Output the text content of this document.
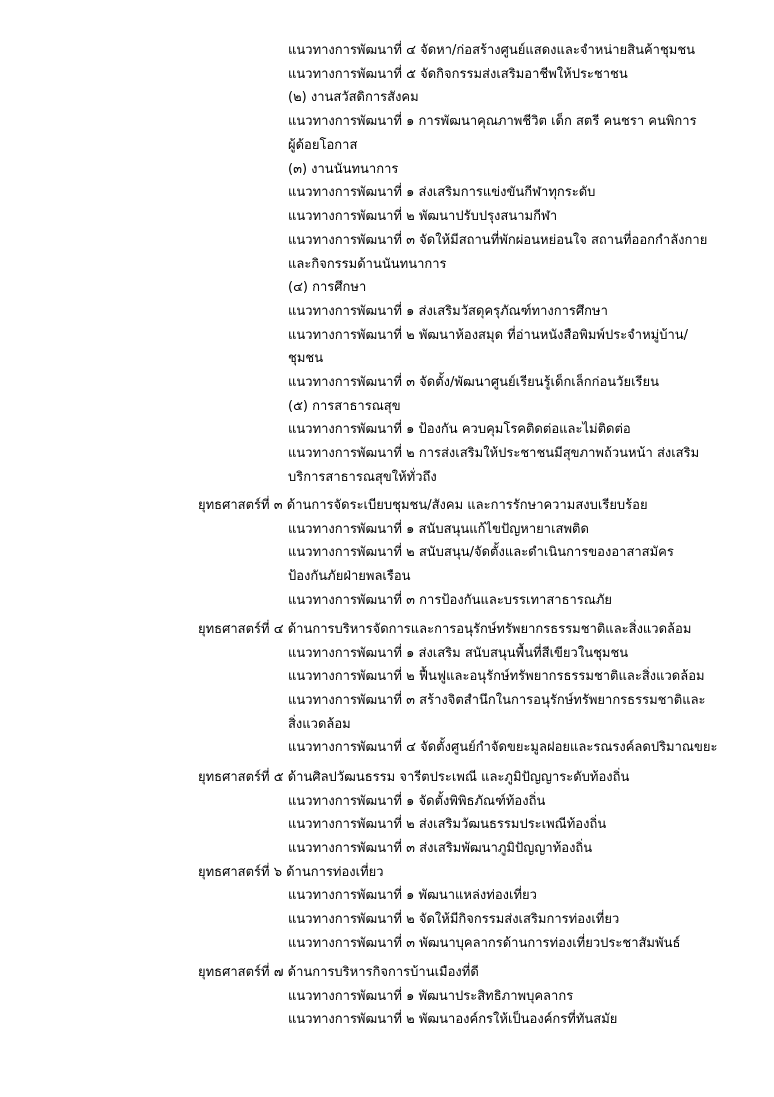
แนวทางการพัฒนาที่ ๔ จัดหา/ก่อสร้างศูนย์แสดงและจำหน่ายสินค้าชุมชน
แนวทางการพัฒนาที่ ๕ จัดกิจกรรมส่งเสริมอาชีพให้ประชาชน
(๒) งานสวัสดิการสังคม
แนวทางการพัฒนาที่ ๑ การพัฒนาคุณภาพชีวิต เด็ก สตรี คนชรา คนพิการ
ผู้ด้อยโอกาส
(๓) งานนันทนาการ
แนวทางการพัฒนาที่ ๑ ส่งเสริมการแข่งขันกีฬาทุกระดับ
แนวทางการพัฒนาที่ ๒ พัฒนาปรับปรุงสนามกีฬา
แนวทางการพัฒนาที่ ๓ จัดให้มีสถานที่พักผ่อนหย่อนใจ สถานที่ออกกำลังกาย
และกิจกรรมด้านนันทนาการ
(๔) การศึกษา
แนวทางการพัฒนาที่ ๑ ส่งเสริมวัสดุครุภัณฑ์ทางการศึกษา
แนวทางการพัฒนาที่ ๒ พัฒนาห้องสมุด ที่อ่านหนังสือพิมพ์ประจำหมู่บ้าน/
ชุมชน
แนวทางการพัฒนาที่ ๓ จัดตั้ง/พัฒนาศูนย์เรียนรู้เด็กเล็กก่อนวัยเรียน
(๕) การสาธารณสุข
แนวทางการพัฒนาที่ ๑ ป้องกัน ควบคุมโรคติดต่อและไม่ติดต่อ
แนวทางการพัฒนาที่ ๒ การส่งเสริมให้ประชาชนมีสุขภาพถ้วนหน้า ส่งเสริม
บริการสาธารณสุขให้ทั่วถึง
ยุทธศาสตร์ที่ ๓ ด้านการจัดระเบียบชุมชน/สังคม และการรักษาความสงบเรียบร้อย
แนวทางการพัฒนาที่ ๑ สนับสนุนแก้ไขปัญหายาเสพติด
แนวทางการพัฒนาที่ ๒ สนับสนุน/จัดตั้งและดำเนินการของอาสาสมัคร
ป้องกันภัยฝ่ายพลเรือน
แนวทางการพัฒนาที่ ๓ การป้องกันและบรรเทาสาธารณภัย
ยุทธศาสตร์ที่ ๔ ด้านการบริหารจัดการและการอนุรักษ์ทรัพยากรธรรมชาติและสิ่งแวดล้อม
แนวทางการพัฒนาที่ ๑ ส่งเสริม สนับสนุนพื้นที่สีเขียวในชุมชน
แนวทางการพัฒนาที่ ๒ ฟื้นฟูและอนุรักษ์ทรัพยากรธรรมชาติและสิ่งแวดล้อม
แนวทางการพัฒนาที่ ๓ สร้างจิตสำนึกในการอนุรักษ์ทรัพยากรธรรมชาติและ
สิ่งแวดล้อม
แนวทางการพัฒนาที่ ๔ จัดตั้งศูนย์กำจัดขยะมูลฝอยและรณรงค์ลดปริมาณขยะ
ยุทธศาสตร์ที่ ๕ ด้านศิลปวัฒนธรรม จารีตประเพณี และภูมิปัญญาระดับท้องถิ่น
แนวทางการพัฒนาที่ ๑ จัดตั้งพิพิธภัณฑ์ท้องถิ่น
แนวทางการพัฒนาที่ ๒ ส่งเสริมวัฒนธรรมประเพณีท้องถิ่น
แนวทางการพัฒนาที่ ๓ ส่งเสริมพัฒนาภูมิปัญญาท้องถิ่น
ยุทธศาสตร์ที่ ๖ ด้านการท่องเที่ยว
แนวทางการพัฒนาที่ ๑ พัฒนาแหล่งท่องเที่ยว
แนวทางการพัฒนาที่ ๒ จัดให้มีกิจกรรมส่งเสริมการท่องเที่ยว
แนวทางการพัฒนาที่ ๓ พัฒนาบุคลากรด้านการท่องเที่ยวประชาสัมพันธ์
ยุทธศาสตร์ที่ ๗ ด้านการบริหารกิจการบ้านเมืองที่ดี
แนวทางการพัฒนาที่ ๑ พัฒนาประสิทธิภาพบุคลากร
แนวทางการพัฒนาที่ ๒ พัฒนาองค์กรให้เป็นองค์กรที่ทันสมัย
